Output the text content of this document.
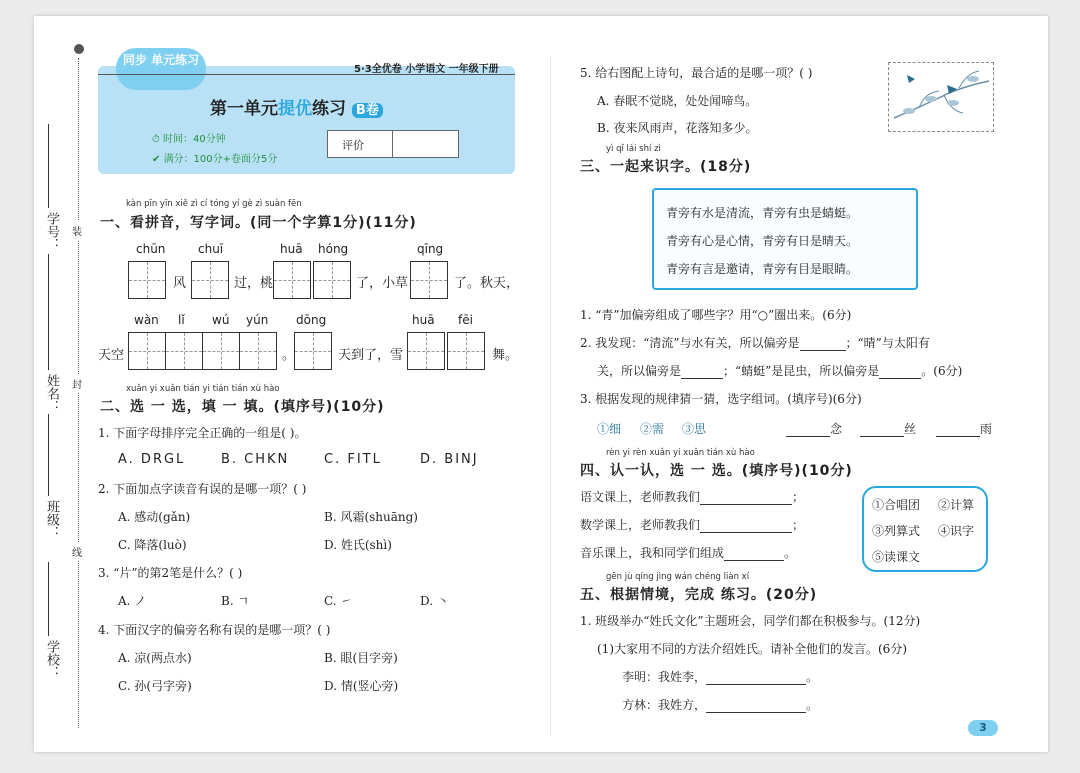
学号： 装
姓名： 封
班级：
线
学校：
同步 单元练习
5·3全优卷 小学语文 一年级下册
第一单元提优练习 B卷
⏱ 时间：40分钟
✔ 满分：100分+卷面分5分
评价
kàn pīn yīn xiě zì cí tóng yí gè zì suàn fēn
一、看拼音，写字词。(同一个字算1分)(11分)
chūn	chuī	huā hóng	qīng
风	过，桃	了，小草	了。秋天，
wàn lǐ wú yún dōng	huā fēi
天空	。	天到了，雪	舞。
xuǎn yi xuǎn tián yi tián tián xù hào
二、选 一 选，填 一 填。(填序号)(10分)
1. 下面字母排序完全正确的一组是( )。
A. DRGL	B. CHKN	C. FITL	D. BINJ
2. 下面加点字读音有误的是哪一项？( )
A. 感动(gǎn)	B. 风霜(shuāng)
C. 降落(luò)	D. 姓氏(shì)
3. “片”的第2笔是什么？( )
A. ノ	B. ㄱ	C. ㇀	D. ㇔
4. 下面汉字的偏旁名称有误的是哪一项？( )
A. 凉(两点水)	B. 眼(目字旁)
C. 孙(弓字旁)	D. 情(竖心旁)
5. 给右图配上诗句，最合适的是哪一项？( )
A. 春眠不觉晓，处处闻啼鸟。
B. 夜来风雨声，花落知多少。
yì qǐ lái shí zì
三、一起来识字。(18分)
青旁有水是清流，青旁有虫是蜻蜓。
青旁有心是心情，青旁有日是晴天。
青旁有言是邀请，青旁有目是眼睛。
1. “青”加偏旁组成了哪些字？用“○”圈出来。(6分)
2. 我发现：“清流”与水有关，所以偏旁是	；“晴”与太阳有
关，所以偏旁是	；“蜻蜓”是昆虫，所以偏旁是	。(6分)
3. 根据发现的规律猜一猜，选字组词。(填序号)(6分)
①细 ②需 ③思	念	丝	雨
rèn yi rèn xuǎn yi xuǎn tián xù hào
四、认一认，选 一 选。(填序号)(10分)
语文课上，老师教我们	；
数学课上，老师教我们	；
音乐课上，我和同学们组成	。
①合唱团 ②计算
③列算式 ④识字
⑤读课文
gēn jù qíng jìng wán chéng liàn xí
五、根据情境，完成 练习。(20分)
1. 班级举办“姓氏文化”主题班会，同学们都在积极参与。(12分)
(1)大家用不同的方法介绍姓氏。请补全他们的发言。(6分)
李明：我姓李，	。
方林：我姓方，	。
3
